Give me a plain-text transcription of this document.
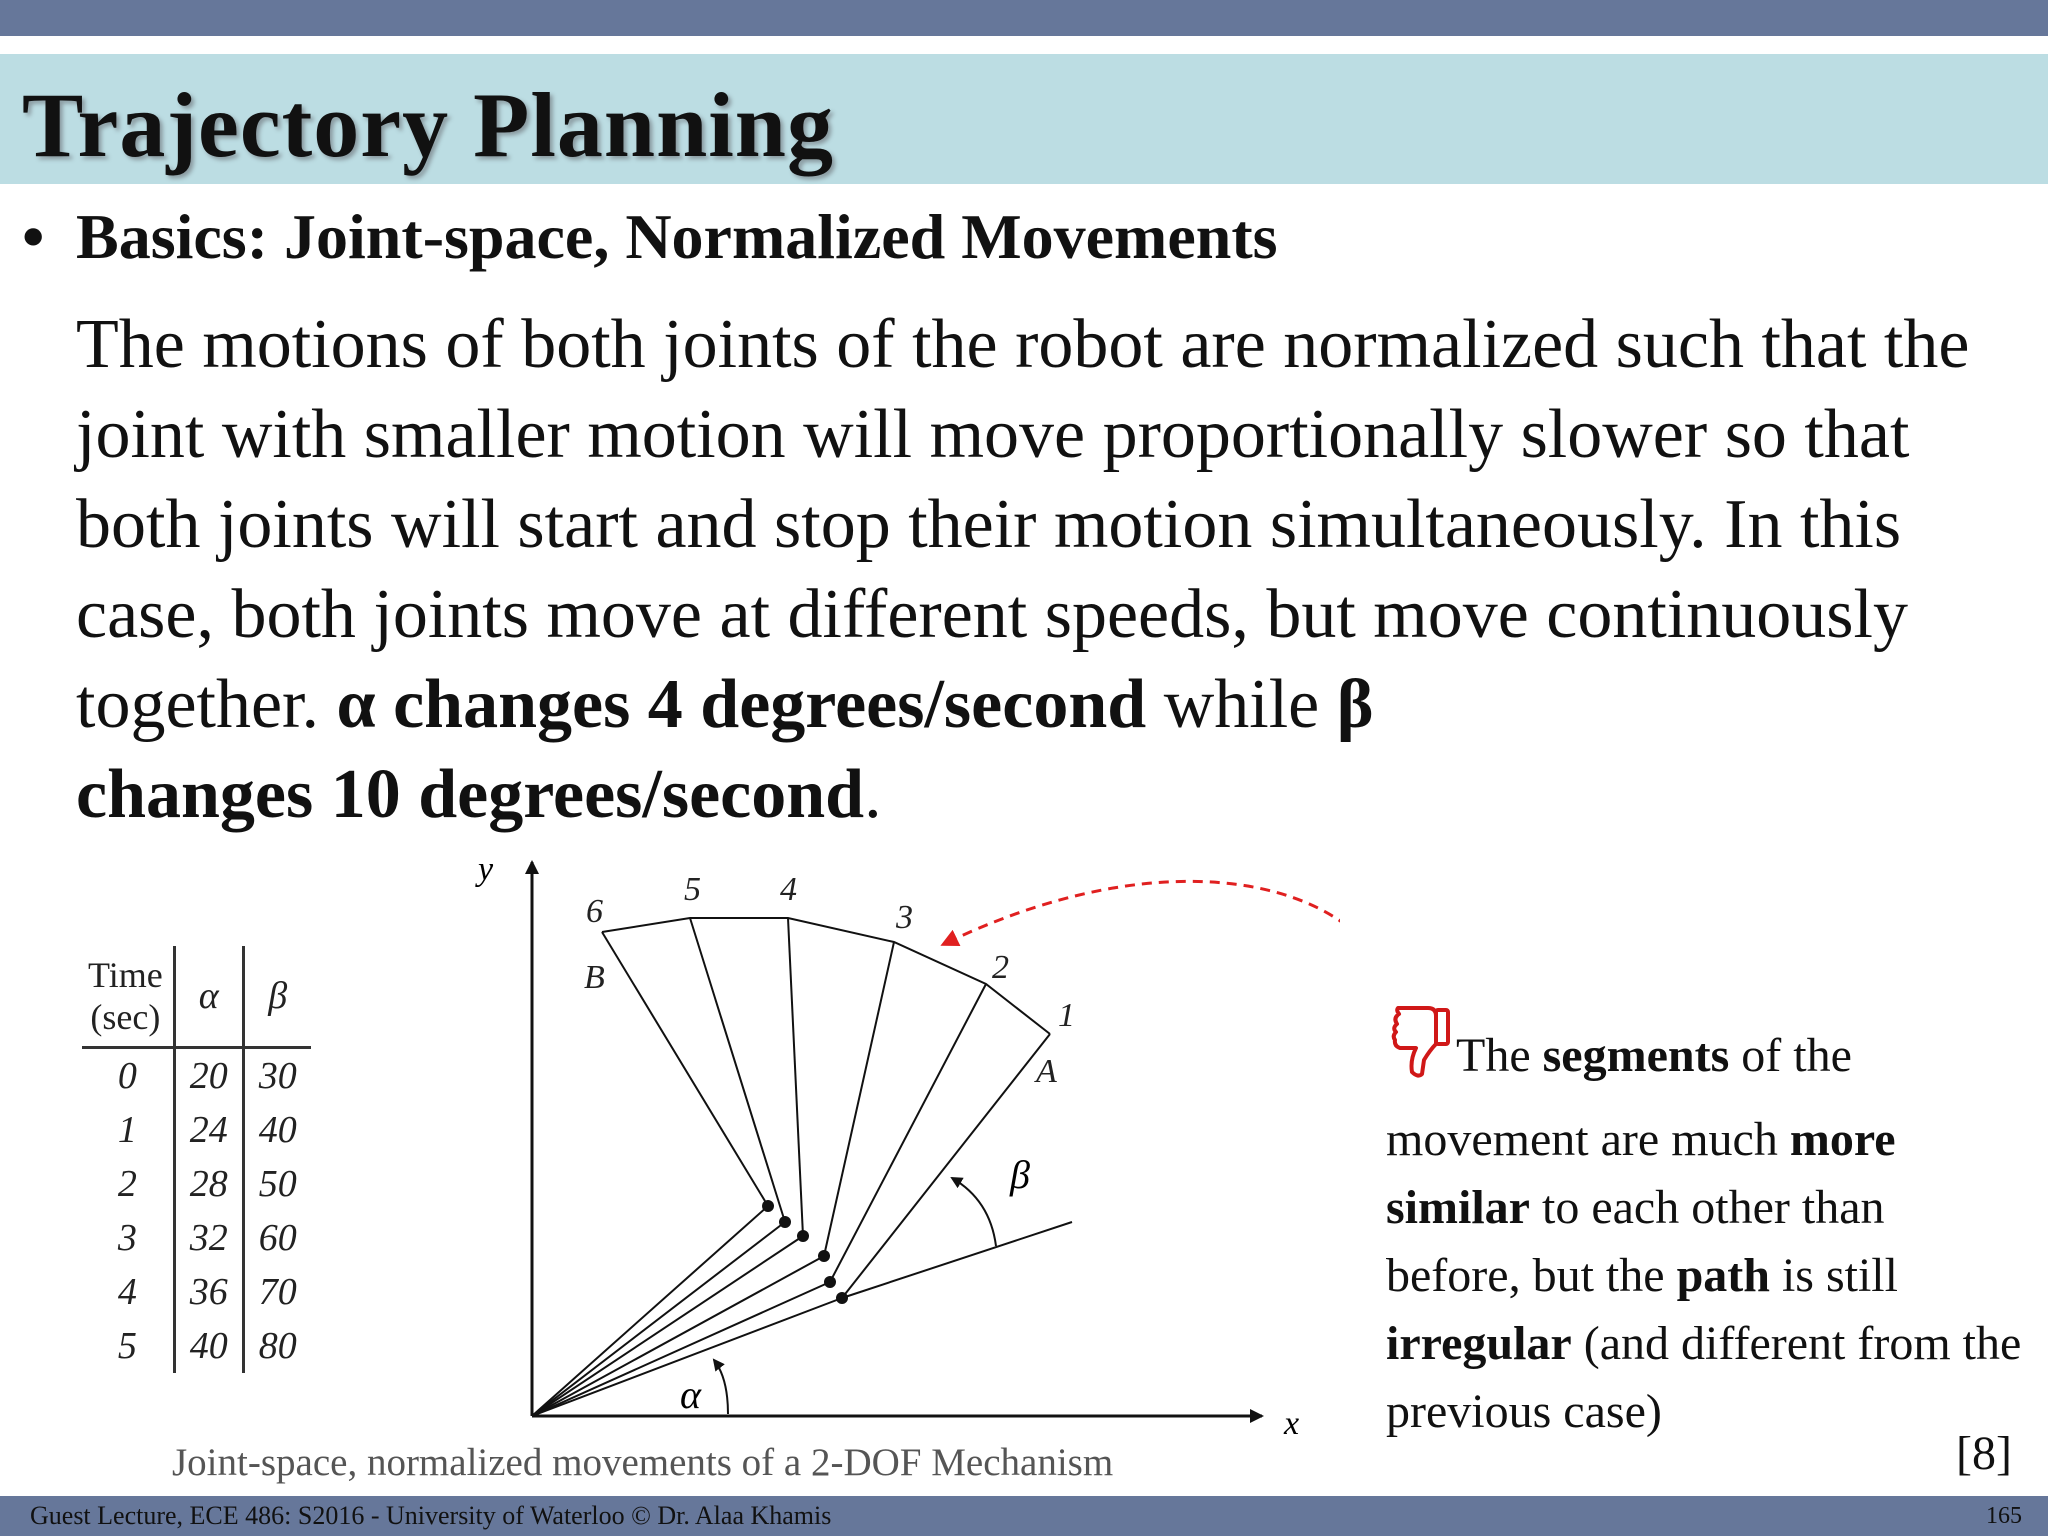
Trajectory Planning
• Basics: Joint-space, Normalized Movements
The motions of both joints of the robot are normalized such that the joint with smaller motion will move proportionally slower so that both joints will start and stop their motion simultaneously. In this case, both joints move at different speeds, but move continuously together. α changes 4 degrees/second while β
changes 10 degrees/second.
Time
(sec)	α	β
0	20	30
1	24	40
2	28	50
3	32	60
4	36	70
5	40	80
y
x
1
2
3
4
5
6
A
B
β
α
The segments of the
movement are much more similar to each other than before, but the path is still irregular (and different from the previous case)
Joint-space, normalized movements of a 2-DOF Mechanism	[8]
Guest Lecture, ECE 486: S2016 - University of Waterloo © Dr. Alaa Khamis	165
